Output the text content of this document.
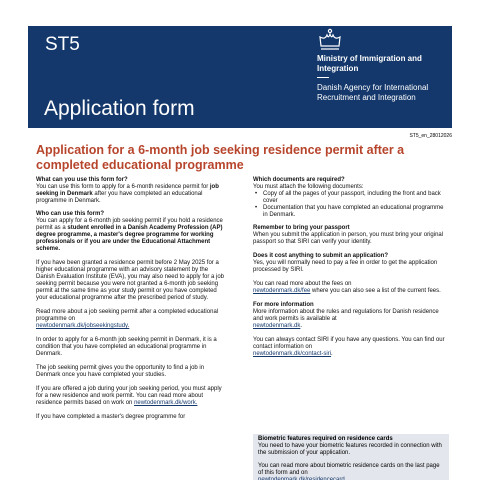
ST5
Ministry of Immigration and Integration
Danish Agency for International Recruitment and Integration
Application form
ST5_en_28012026
Application for a 6-month job seeking residence permit after a completed educational programme
What can you use this form for?

You can use this form to apply for a 6-month residence permit for job seeking in Denmark after you have completed an educational programme in Denmark.

Who can use this form?

You can apply for a 6-month job seeking permit if you hold a residence permit as a student enrolled in a Danish Academy Profession (AP) degree programme, a master's degree programme for working professionals or if you are under the Educational Attachment scheme.

If you have been granted a residence permit before 2 May 2025 for a higher educational programme with an advisory statement by the Danish Evaluation Institute (EVA), you may also need to apply for a job seeking permit because you were not granted a 6-month job seeking permit at the same time as your study permit or you have completed your educational programme after the prescribed period of study.

Read more about a job seeking permit after a completed educational programme on
newtodenmark.dk/jobseekingstudy.

In order to apply for a 6-month job seeking permit in Denmark, it is a condition that you have completed an educational programme in Denmark.

The job seeking permit gives you the opportunity to find a job in Denmark once you have completed your studies.

If you are offered a job during your job seeking period, you must apply for a new residence and work permit. You can read more about residence permits based on work on newtodenmark.dk/work.

If you have completed a master's degree programme for

Which documents are required?

You must attach the following documents:

• Copy of all the pages of your passport, including the front and back cover
• Documentation that you have completed an educational programme in Denmark.
Remember to bring your passport

When you submit the application in person, you must bring your original passport so that SIRI can verify your identity.

Does it cost anything to submit an application?

Yes, you will normally need to pay a fee in order to get the application processed by SIRI.

You can read more about the fees on
newtodenmark.dk/fee where you can also see a list of the current fees.

For more information

More information about the rules and regulations for Danish residence and work permits is available at
newtodenmark.dk.

You can always contact SIRI if you have any questions. You can find our contact information on
newtodenmark.dk/contact-siri.

Biometric features required on residence cards

You need to have your biometric features recorded in connection with the submission of your application.

You can read more about biometric residence cards on the last page of this form and on
newtodenmark.dk/residencecard
